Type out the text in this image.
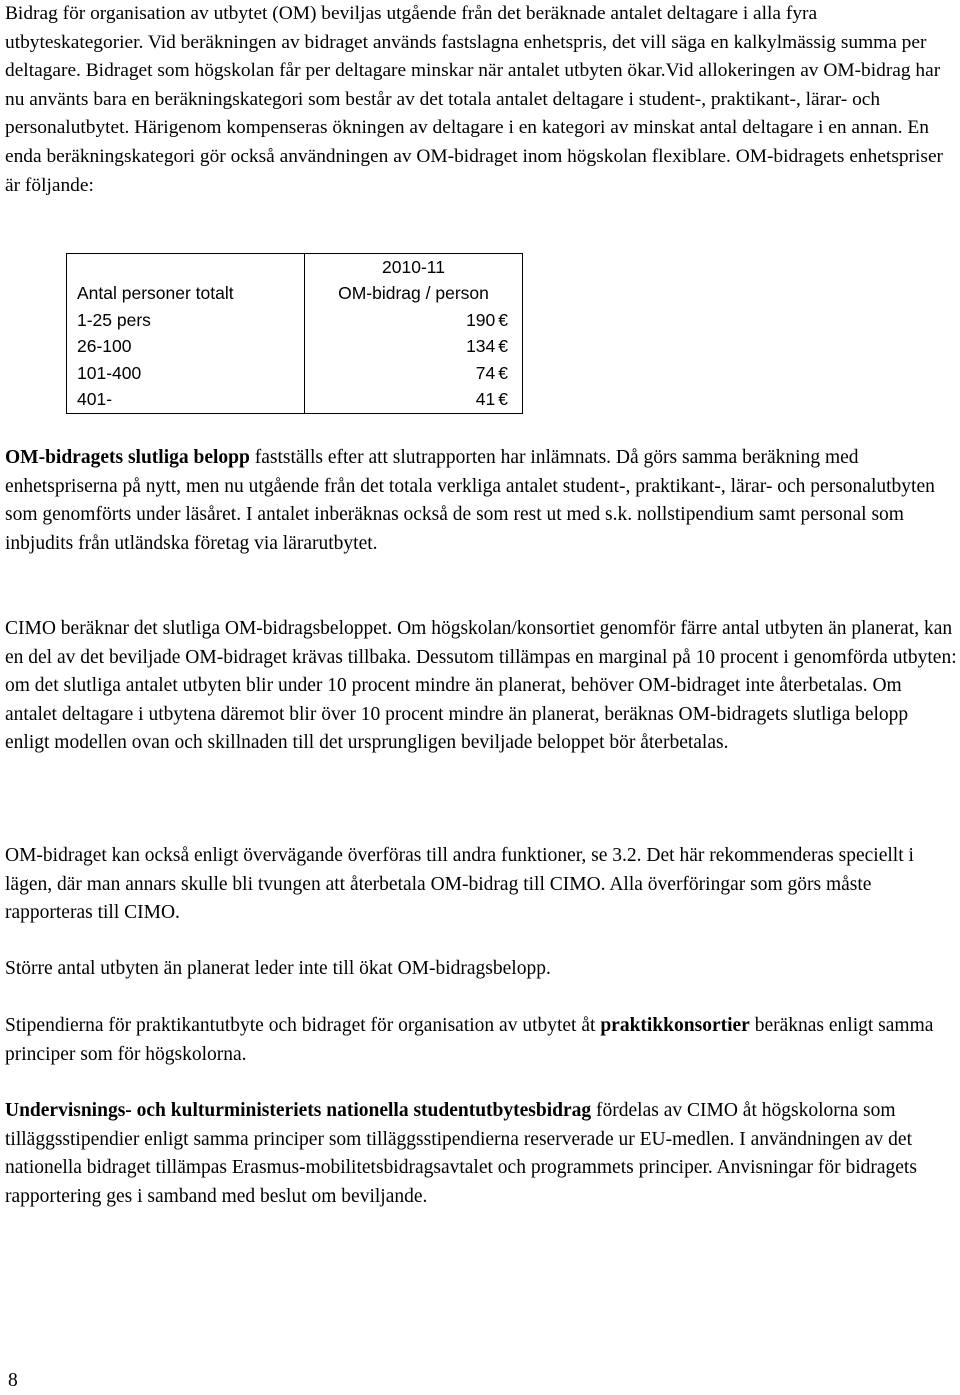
Bidrag för organisation av utbytet (OM) beviljas utgående från det beräknade antalet deltagare i alla fyra utbyteskategorier. Vid beräkningen av bidraget används fastslagna enhetspris, det vill säga en kalkylmässig summa per deltagare. Bidraget som högskolan får per deltagare minskar när antalet utbyten ökar.Vid allokeringen av OM-bidrag har nu använts bara en beräkningskategori som består av det totala antalet deltagare i student-, praktikant-, lärar- och personalutbytet. Härigenom kompenseras ökningen av deltagare i en kategori av minskat antal deltagare i en annan. En enda beräkningskategori gör också användningen av OM-bidraget inom högskolan flexiblare. OM-bidragets enhetspriser är följande:

	2010-11
Antal personer totalt	OM-bidrag / person
1-25 pers	190 €
26-100	134 €
101-400	74 €
401-	41 €

OM-bidragets slutliga belopp fastställs efter att slutrapporten har inlämnats. Då görs samma beräkning med enhetspriserna på nytt, men nu utgående från det totala verkliga antalet student-, praktikant-, lärar- och personalutbyten som genomförts under läsåret. I antalet inberäknas också de som rest ut med s.k. nollstipendium samt personal som inbjudits från utländska företag via lärarutbytet.

CIMO beräknar det slutliga OM-bidragsbeloppet. Om högskolan/konsortiet genomför färre antal utbyten än planerat, kan en del av det beviljade OM-bidraget krävas tillbaka. Dessutom tillämpas en marginal på 10 procent i genomförda utbyten: om det slutliga antalet utbyten blir under 10 procent mindre än planerat, behöver OM-bidraget inte återbetalas. Om antalet deltagare i utbytena däremot blir över 10 procent mindre än planerat, beräknas OM-bidragets slutliga belopp enligt modellen ovan och skillnaden till det ursprungligen beviljade beloppet bör återbetalas.

OM-bidraget kan också enligt övervägande överföras till andra funktioner, se 3.2. Det här rekommenderas speciellt i lägen, där man annars skulle bli tvungen att återbetala OM-bidrag till CIMO. Alla överföringar som görs måste rapporteras till CIMO.

Större antal utbyten än planerat leder inte till ökat OM-bidragsbelopp.

Stipendierna för praktikantutbyte och bidraget för organisation av utbytet åt praktikkonsortier beräknas enligt samma principer som för högskolorna.

Undervisnings- och kulturministeriets nationella studentutbytesbidrag fördelas av CIMO åt högskolorna som tilläggsstipendier enligt samma principer som tilläggsstipendierna reserverade ur EU-medlen. I användningen av det nationella bidraget tillämpas Erasmus-mobilitetsbidragsavtalet och programmets principer. Anvisningar för bidragets rapportering ges i samband med beslut om beviljande.

8
